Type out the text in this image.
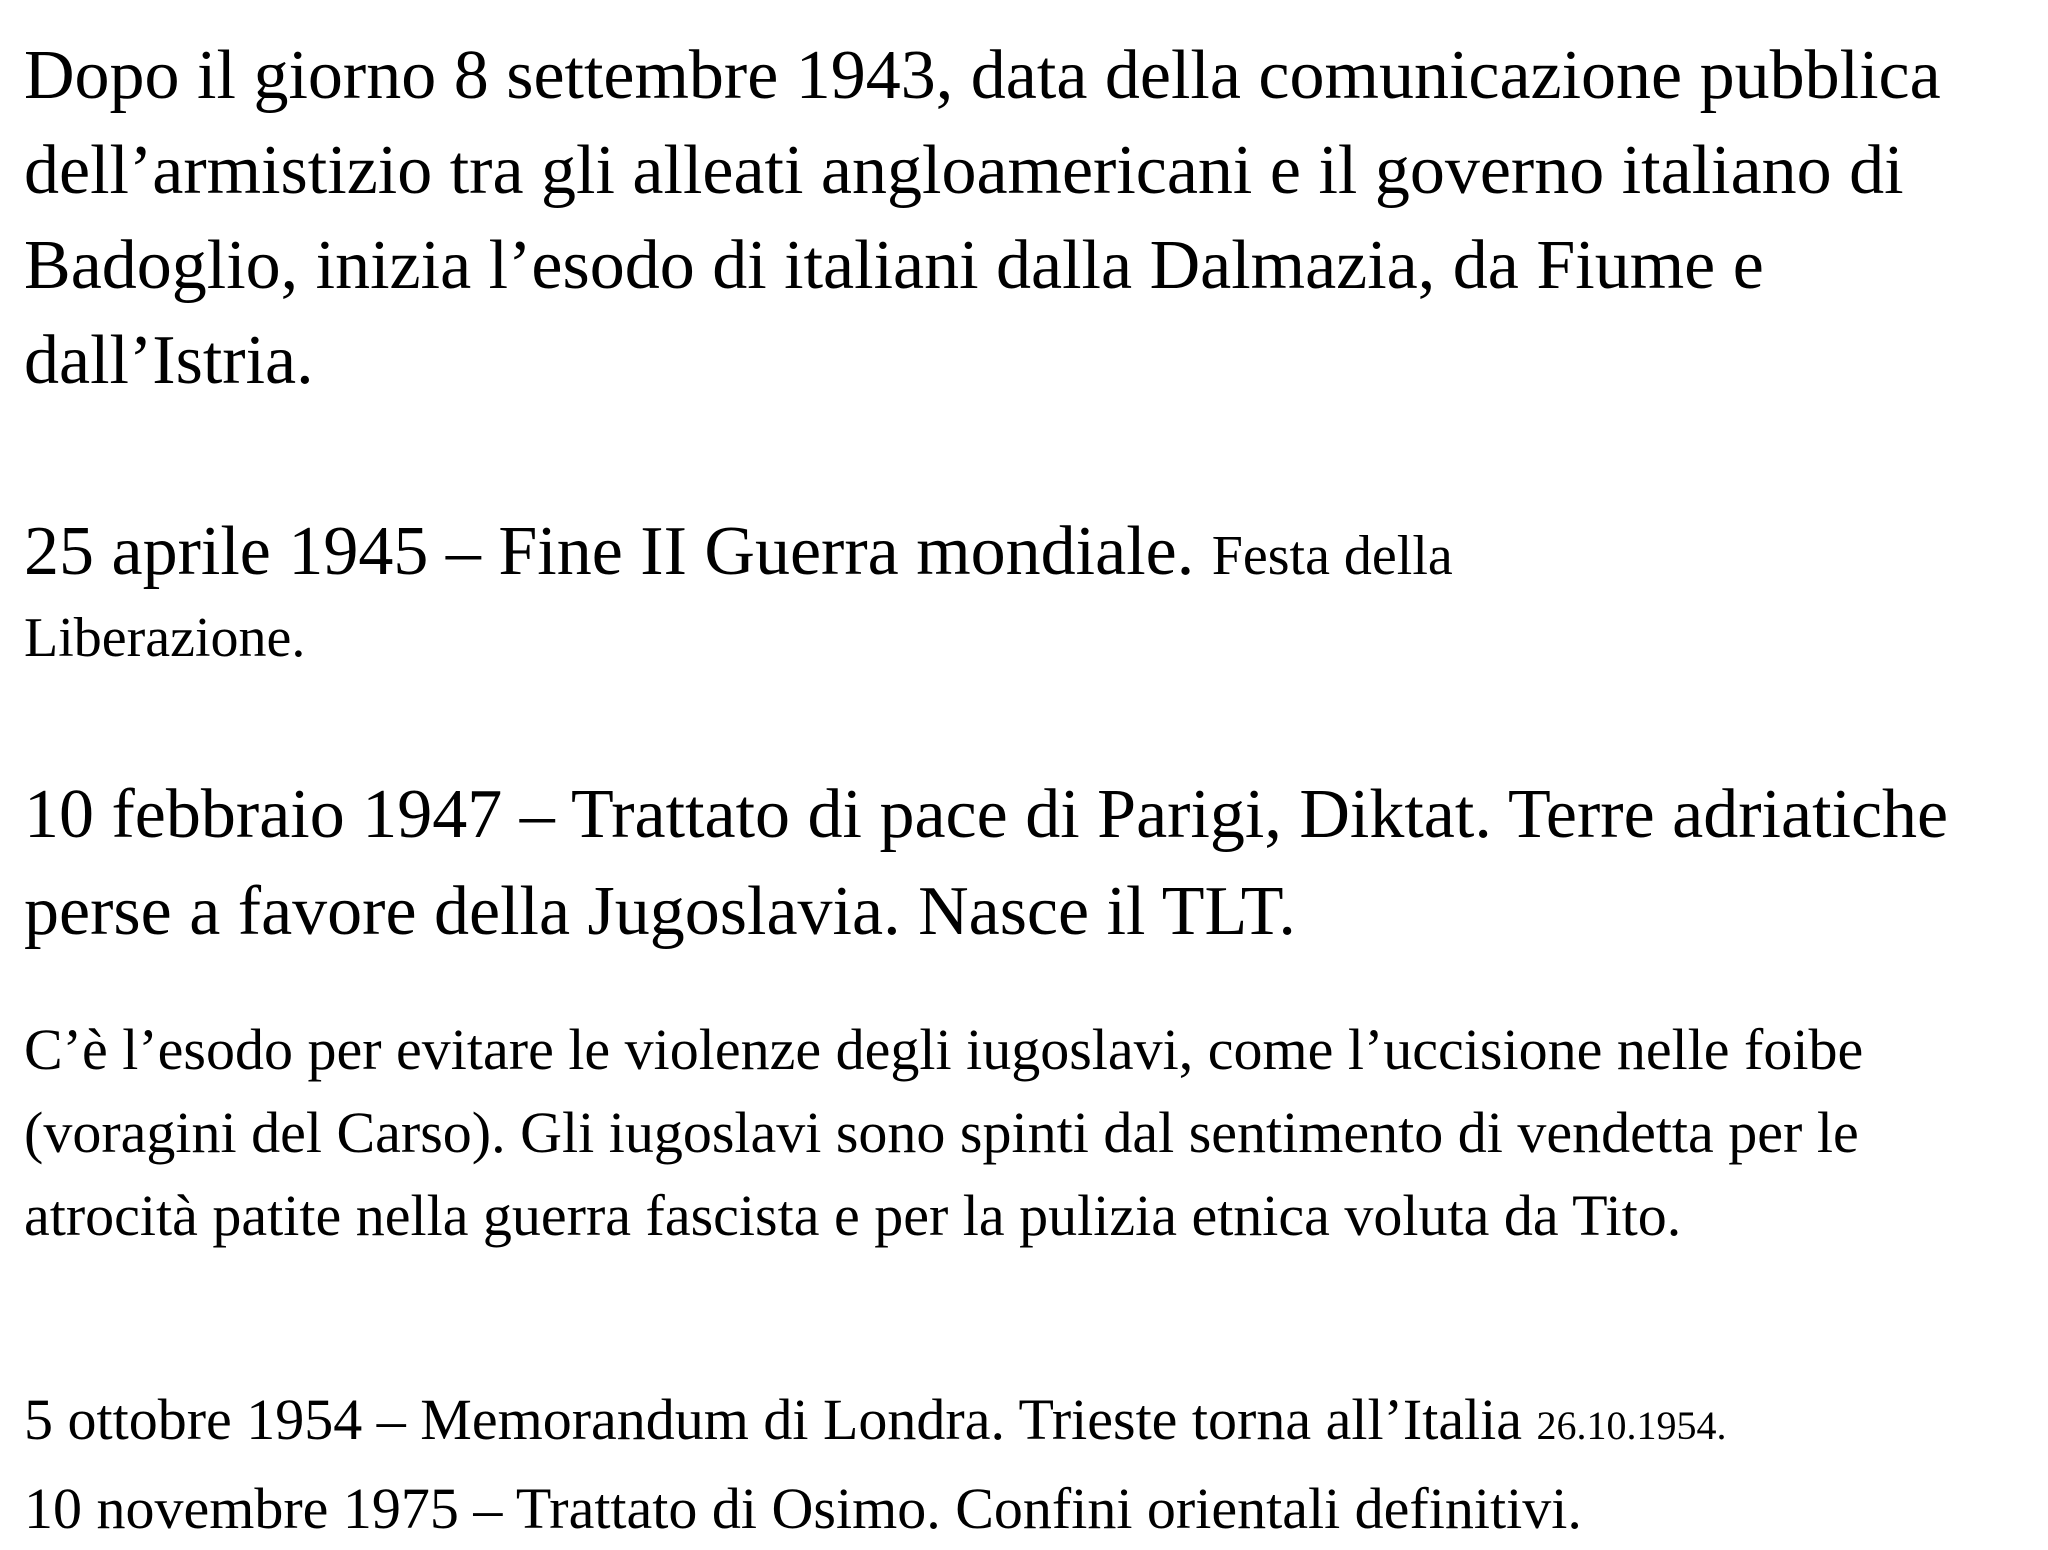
Dopo il giorno 8 settembre 1943, data della comunicazione pubblica dell’armistizio tra gli alleati angloamericani e il governo italiano di Badoglio, inizia l’esodo di italiani dalla Dalmazia, da Fiume e dall’Istria.

25 aprile 1945 – Fine II Guerra mondiale. Festa della
Liberazione.

10 febbraio 1947 – Trattato di pace di Parigi, Diktat. Terre adriatiche perse a favore della Jugoslavia. Nasce il TLT.

C’è l’esodo per evitare le violenze degli iugoslavi, come l’uccisione nelle foibe (voragini del Carso). Gli iugoslavi sono spinti dal sentimento di vendetta per le atrocità patite nella guerra fascista e per la pulizia etnica voluta da Tito.

5 ottobre 1954 – Memorandum di Londra. Trieste torna all’Italia 26.10.1954.
10 novembre 1975 – Trattato di Osimo. Confini orientali definitivi.
